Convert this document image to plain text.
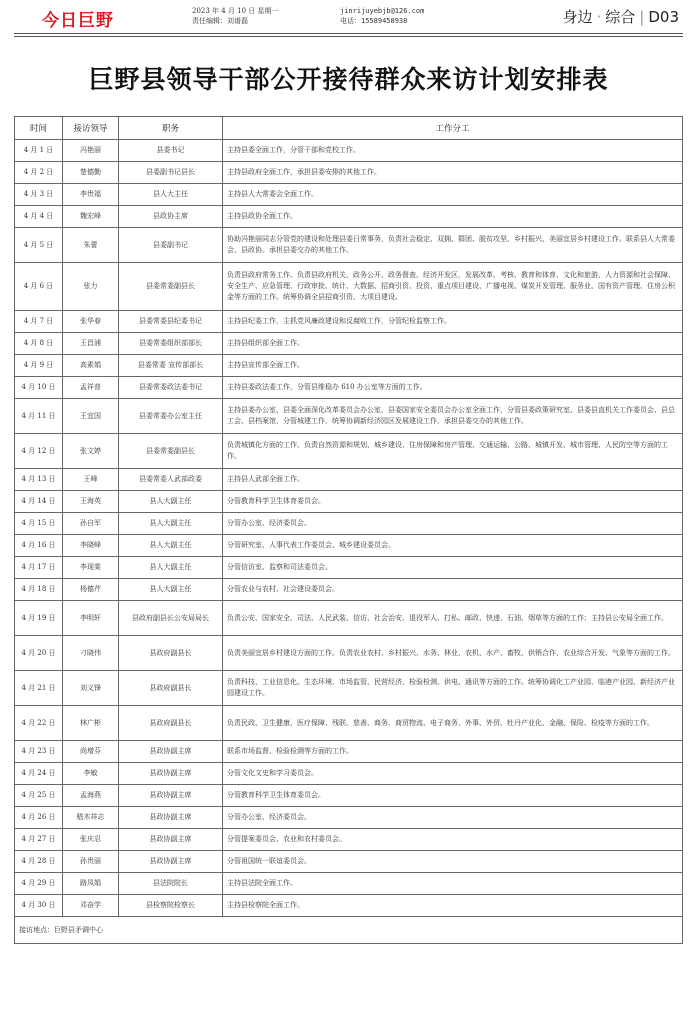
今日巨野	2023 年 4 月 10 日 星期一
责任编辑：刘谱磊
jinrijuyebjb@126.com
电话：15589458938	身边 · 综合 | D03
巨野县领导干部公开接待群众来访计划安排表
时间	接访领导	职务	工作分工
4 月 1 日	冯艳丽	县委书记	主持县委全面工作，分管干部和党校工作。
4 月 2 日	楚德勤	县委副书记县长	主持县政府全面工作，承担县委安排的其他工作。
4 月 3 日	李贵福	县人大主任	主持县人大常委会全面工作。
4 月 4 日	魏宏峰	县政协主席	主持县政协全面工作。
4 月 5 日	朱蕾	县委副书记	协助冯艳丽同志分管党的建设和处理县委日常事务，负责社会稳定、双拥、群团、脱贫攻坚、乡村振兴、美丽宜居乡村建设工作。联系县人大常委会、县政协。承担县委交办的其他工作。
4 月 6 日	张力	县委常委副县长	负责县政府常务工作。负责县政府机关、政务公开、政务督查、经济开发区，发展改革、考核、教育和体育、文化和旅游、人力资源和社会保障、安全生产、应急管理、行政审批、统计、大数据、招商引资、投资、重点项目建设、广播电视、煤炭开发管理、服务业、国有资产管理、住房公积金等方面的工作。统筹协调全县招商引资、大项目建设。
4 月 7 日	张华春	县委常委县纪委书记	主持县纪委工作，主抓党风廉政建设和反腐败工作，分管纪检监察工作。
4 月 8 日	王昌浦	县委常委组织部部长	主持县组织部全面工作。
4 月 9 日	高素娟	县委常委 宣传部部长	主持县宣传部全面工作。
4 月 10 日	孟祥普	县委常委政法委书记	主持县委政法委工作，分管县维稳办 610 办公室等方面的工作。
4 月 11 日	王宜国	县委常委办公室主任	主持县委办公室、县委全面深化改革委员会办公室、县委国家安全委员会办公室全面工作，分管县委政策研究室、县委县直机关工作委员会、县总工会、县档案馆，分管城建工作，统筹协调新经济园区发展建设工作，承担县委交办的其他工作。
4 月 12 日	张文婷	县委常委副县长	负责城镇化方面的工作，负责自然资源和规划、城乡建设、住房保障和房产管理、交通运输、公路、城镇开发、城市管理、人民防空等方面的工作。
4 月 13 日	王峰	县委常委人武部政委	主持县人武部全面工作。
4 月 14 日	王海英	县人大副主任	分管教育科学卫生体育委员会。
4 月 15 日	孙自军	县人大副主任	分管办公室、经济委员会。
4 月 16 日	李晓峰	县人大副主任	分管研究室、人事代表工作委员会、城乡建设委员会。
4 月 17 日	李现棠	县人大副主任	分管信访室、监察和司法委员会。
4 月 18 日	杨德芹	县人大副主任	分管农业与农村、社会建设委员会。
4 月 19 日	李明轩	县政府副县长公安局局长	负责公安、国家安全、司法、人民武装、信访、社会治安、退役军人、打私、邮政、快递、石油、烟草等方面的工作；主持县公安局全面工作。
4 月 20 日	刁晓伟	县政府副县长	负责美丽宜居乡村建设方面的工作。负责农业农村、乡村振兴、水务、林业、农机、水产、畜牧、供销合作、农业综合开发、气象等方面的工作。
4 月 21 日	刘义锋	县政府副县长	负责科技、工业信息化、生态环境、市场监管、民营经济、检验检测、供电、通讯等方面的工作。统筹协调化工产业园、临港产业园、新经济产业园建设工作。
4 月 22 日	林广彬	县政府副县长	负责民政、卫生健康、医疗保障、残联、慈善、商务、商贸物流、电子商务、外事、外贸、牡丹产业化、金融、保险、检疫等方面的工作。
4 月 23 日	尚增芬	县政协副主席	联系市场监督、检验检测等方面的工作。
4 月 24 日	李敏	县政协副主席	分管文化文史和学习委员会。
4 月 25 日	孟海燕	县政协副主席	分管教育科学卫生体育委员会。
4 月 26 日	嵇木祥志	县政协副主席	分管办公室、经济委员会。
4 月 27 日	张庆忍	县政协副主席	分管提案委员会、农业和农村委员会。
4 月 28 日	孙贵丽	县政协副主席	分管祖国统一联谊委员会。
4 月 29 日	路凤娟	县法院院长	主持县法院全面工作。
4 月 30 日	邓奋学	县检察院检察长	主持县检察院全面工作。
接访地点：巨野县矛调中心			
